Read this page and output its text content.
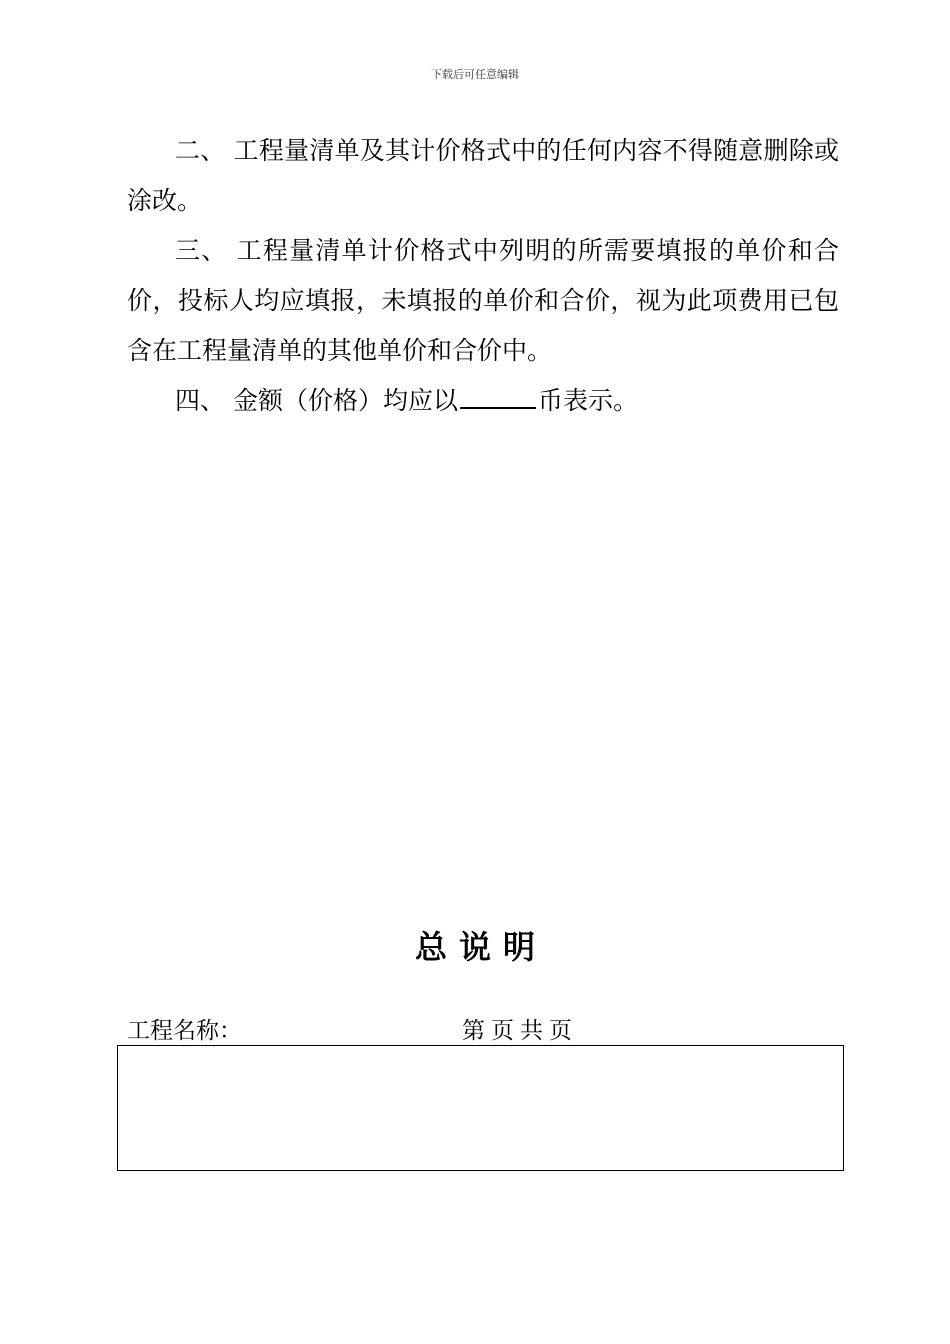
下载后可任意编辑

二、 工程量清单及其计价格式中的任何内容不得随意删除或涂改。

三、 工程量清单计价格式中列明的所需要填报的单价和合价，投标人均应填报，未填报的单价和合价，视为此项费用已包含在工程量清单的其他单价和合价中。

四、 金额（价格）均应以	币表示。

总说明
工程名称：	第 页 共 页
